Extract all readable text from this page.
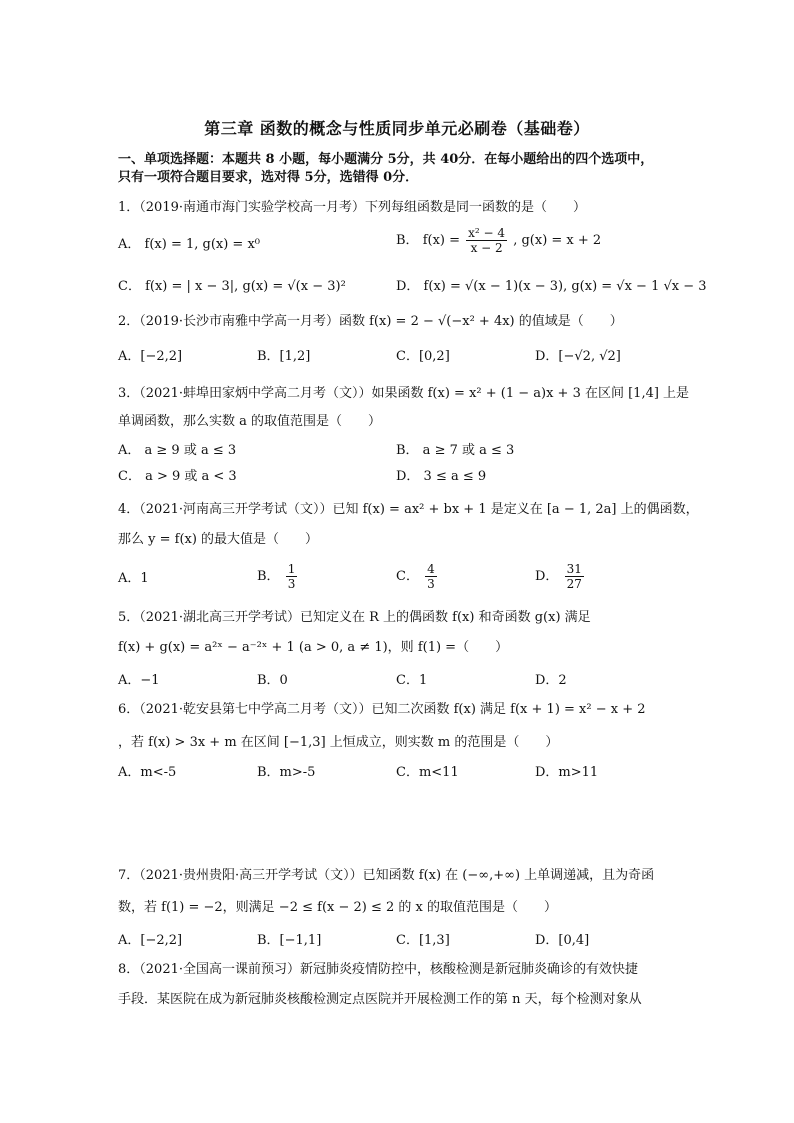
第三章 函数的概念与性质同步单元必刷卷（基础卷）
一、单项选择题：本题共 8 小题，每小题满分 5分，共 40分．在每小题给出的四个选项中，
只有一项符合题目要求，选对得 5分，选错得 0分．
1．（2019·南通市海门实验学校高一月考）下列每组函数是同一函数的是（　　）
A． f(x) = 1, g(x) = x⁰	B． $f(x) = \frac{\text{x² − 4}}{x - 2}$ , g(x) = x + 2
C． f(x) = | x − 3|, g(x) = √(x − 3)²	D． f(x) = √(x − 1)(x − 3), g(x) = √x − 1 √x − 3
2．（2019·长沙市南雅中学高一月考）函数 f(x) = 2 − √(−x² + 4x) 的值域是（　　）
A．[−2,2]	B．[1,2]	C．[0,2]	D．[−√2, √2]
3．（2021·蚌埠田家炳中学高二月考（文））如果函数 f(x) = x² + (1 − a)x + 3 在区间 [1,4] 上是
单调函数，那么实数 a 的取值范围是（　　）
A． a ≥ 9 或 a ≤ 3	B． a ≥ 7 或 a ≤ 3
C． a > 9 或 a < 3	D． 3 ≤ a ≤ 9
4．（2021·河南高三开学考试（文））已知 f(x) = ax² + bx + 1 是定义在 [a − 1, 2a] 上的偶函数，
那么 y = f(x) 的最大值是（　　）
A．1	B． $\frac{1}{3}$	C． $\frac{4}{3}$	D． $\frac{31}{27}$
5．（2021·湖北高三开学考试）已知定义在 R 上的偶函数 f(x) 和奇函数 g(x) 满足
f(x) + g(x) = a²ˣ − a⁻²ˣ + 1 (a > 0, a ≠ 1)，则 f(1) =（　　）
A．−1	B．0	C．1	D．2
6．（2021·乾安县第七中学高二月考（文））已知二次函数 f(x) 满足 f(x + 1) = x² − x + 2
，若 f(x) > 3x + m 在区间 [−1,3] 上恒成立，则实数 m 的范围是（　　）
A．m<-5	B．m>-5	C．m<11	D．m>11
7．（2021·贵州贵阳·高三开学考试（文））已知函数 f(x) 在 (−∞,+∞) 上单调递减，且为奇函
数，若 f(1) = −2，则满足 −2 ≤ f(x − 2) ≤ 2 的 x 的取值范围是（　　）
A．[−2,2]	B．[−1,1]	C．[1,3]	D．[0,4]
8．（2021·全国高一课前预习）新冠肺炎疫情防控中，核酸检测是新冠肺炎确诊的有效快捷
手段．某医院在成为新冠肺炎核酸检测定点医院并开展检测工作的第 n 天，每个检测对象从
